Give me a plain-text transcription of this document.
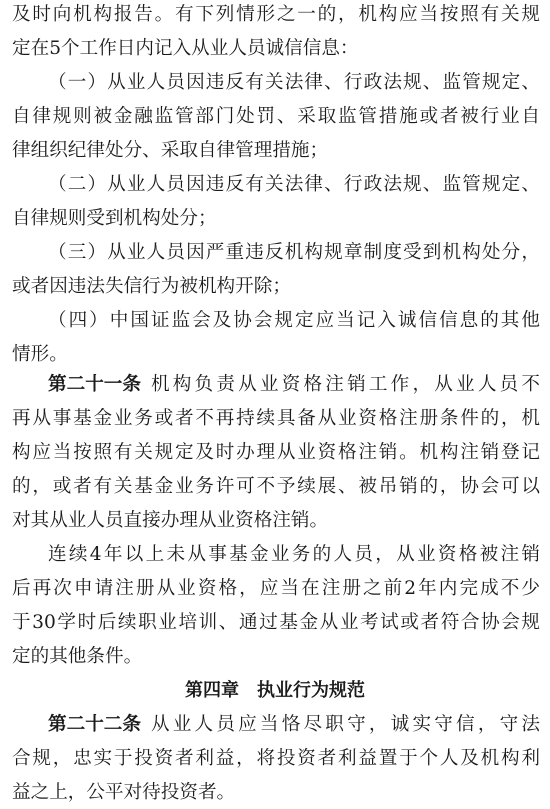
及时向机构报告。有下列情形之一的，机构应当按照有关规
定在5个工作日内记入从业人员诚信信息：
（一）从业人员因违反有关法律、行政法规、监管规定、
自律规则被金融监管部门处罚、采取监管措施或者被行业自
律组织纪律处分、采取自律管理措施；
（二）从业人员因违反有关法律、行政法规、监管规定、
自律规则受到机构处分；
（三）从业人员因严重违反机构规章制度受到机构处分，
或者因违法失信行为被机构开除；
（四）中国证监会及协会规定应当记入诚信信息的其他
情形。
第二十一条 机构负责从业资格注销工作，从业人员不
再从事基金业务或者不再持续具备从业资格注册条件的，机
构应当按照有关规定及时办理从业资格注销。机构注销登记
的，或者有关基金业务许可不予续展、被吊销的，协会可以
对其从业人员直接办理从业资格注销。
连续4年以上未从事基金业务的人员，从业资格被注销
后再次申请注册从业资格，应当在注册之前2年内完成不少
于30学时后续职业培训、通过基金从业考试或者符合协会规
定的其他条件。
第四章　执业行为规范
第二十二条 从业人员应当恪尽职守，诚实守信，守法
合规，忠实于投资者利益，将投资者利益置于个人及机构利
益之上，公平对待投资者。
